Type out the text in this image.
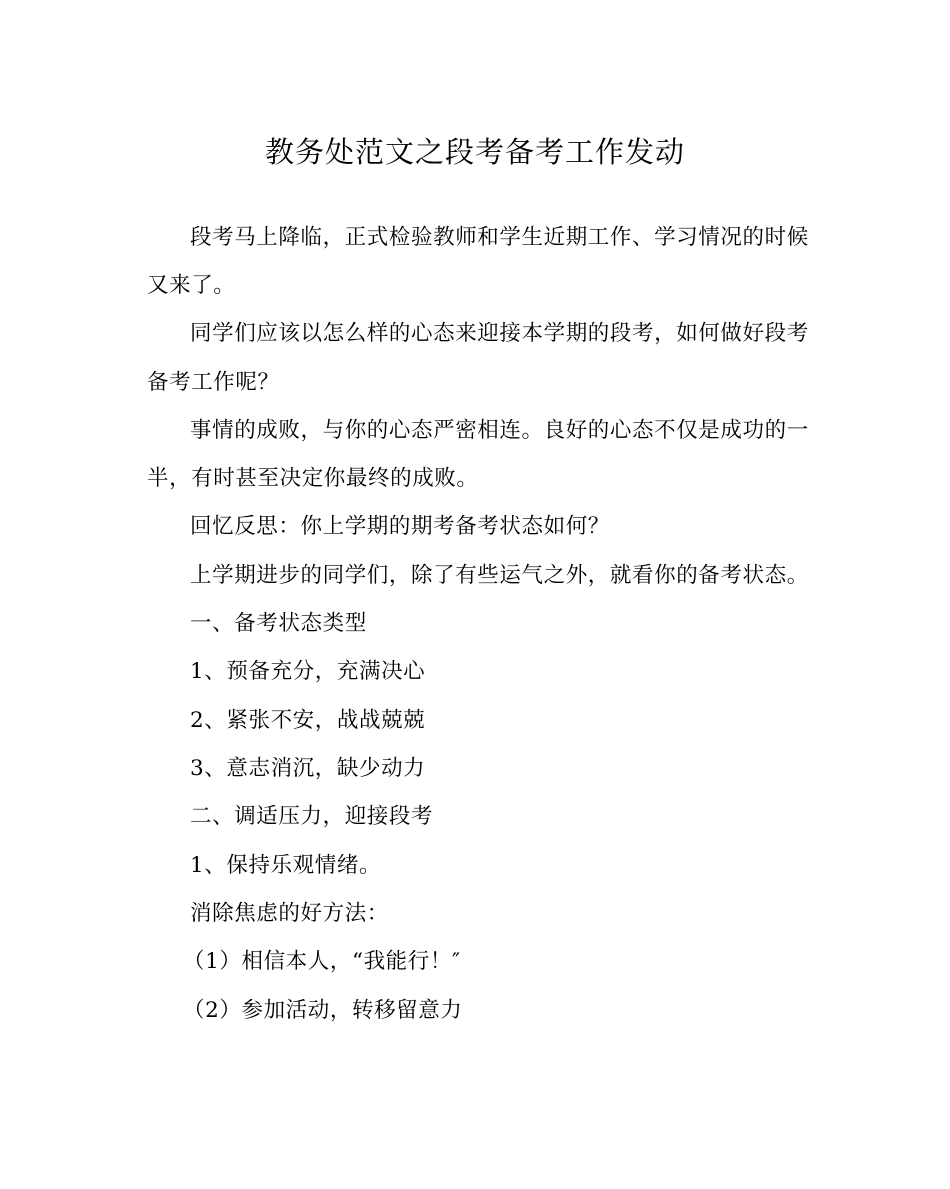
教务处范文之段考备考工作发动
段考马上降临，正式检验教师和学生近期工作、学习情况的时候
又来了。
同学们应该以怎么样的心态来迎接本学期的段考，如何做好段考
备考工作呢？
事情的成败，与你的心态严密相连。良好的心态不仅是成功的一
半，有时甚至决定你最终的成败。
回忆反思：你上学期的期考备考状态如何？
上学期进步的同学们，除了有些运气之外，就看你的备考状态。
一、备考状态类型
1、预备充分，充满决心
2、紧张不安，战战兢兢
3、意志消沉，缺少动力
二、调适压力，迎接段考
1、保持乐观情绪。
消除焦虑的好方法：
（1）相信本人，“我能行！″
（2）参加活动，转移留意力
